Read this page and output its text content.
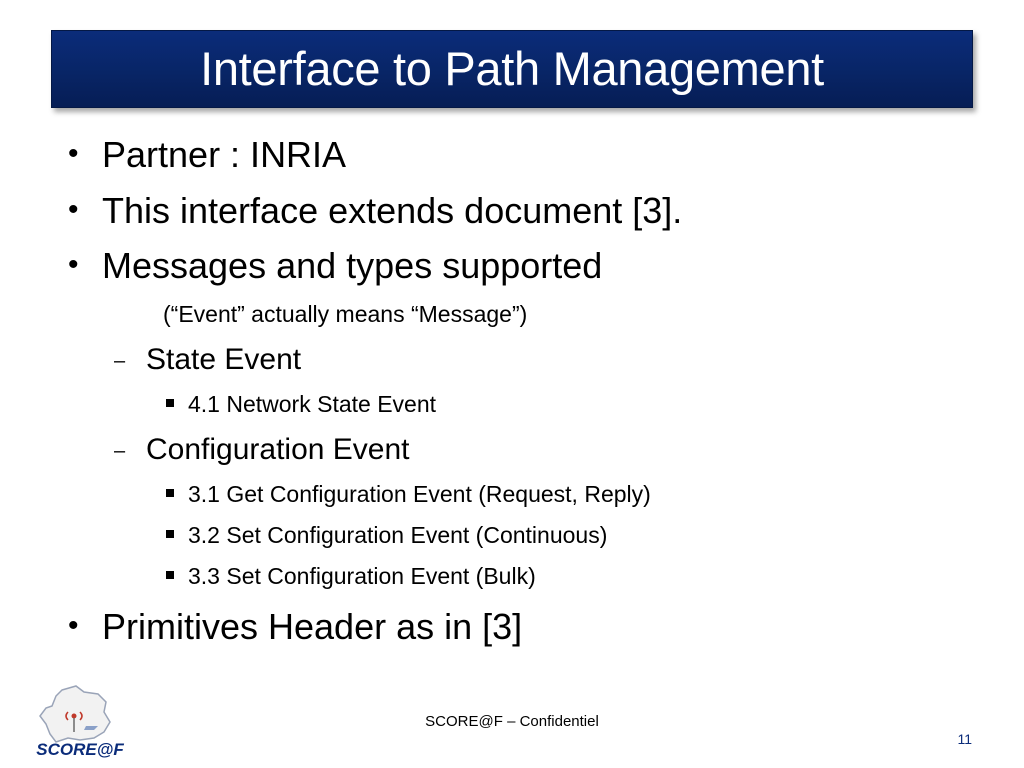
Interface to Path Management
• Partner : INRIA
• This interface extends document [3].
• Messages and types supported
(“Event” actually means “Message”)
– State Event
4.1 Network State Event
– Configuration Event
3.1 Get Configuration Event (Request, Reply)
3.2 Set Configuration Event (Continuous)
3.3 Set Configuration Event (Bulk)
• Primitives Header as in [3]
SCORE@F
SCORE@F – Confidentiel
11
